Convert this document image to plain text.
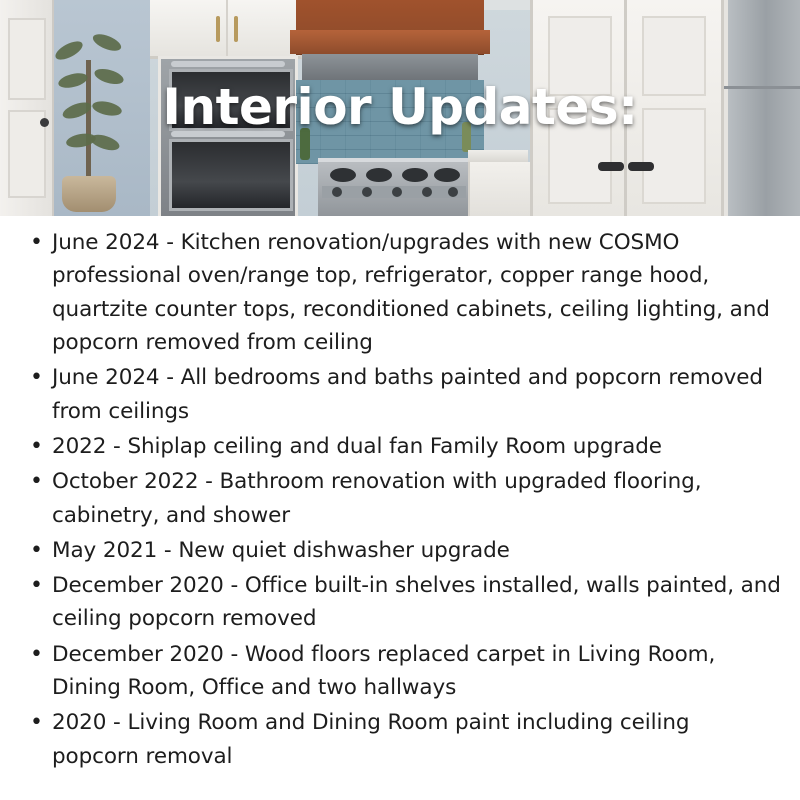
Interior Updates:
• June 2024 - Kitchen renovation/upgrades with new COSMO professional oven/range top, refrigerator, copper range hood, quartzite counter tops, reconditioned cabinets, ceiling lighting, and popcorn removed from ceiling
• June 2024 - All bedrooms and baths painted and popcorn removed from ceilings
• 2022 - Shiplap ceiling and dual fan Family Room upgrade
• October 2022 - Bathroom renovation with upgraded flooring, cabinetry, and shower
• May 2021 - New quiet dishwasher upgrade
• December 2020 - Office built-in shelves installed, walls painted, and ceiling popcorn removed
• December 2020 - Wood floors replaced carpet in Living Room, Dining Room, Office and two hallways
• 2020 - Living Room and Dining Room paint including ceiling popcorn removal
